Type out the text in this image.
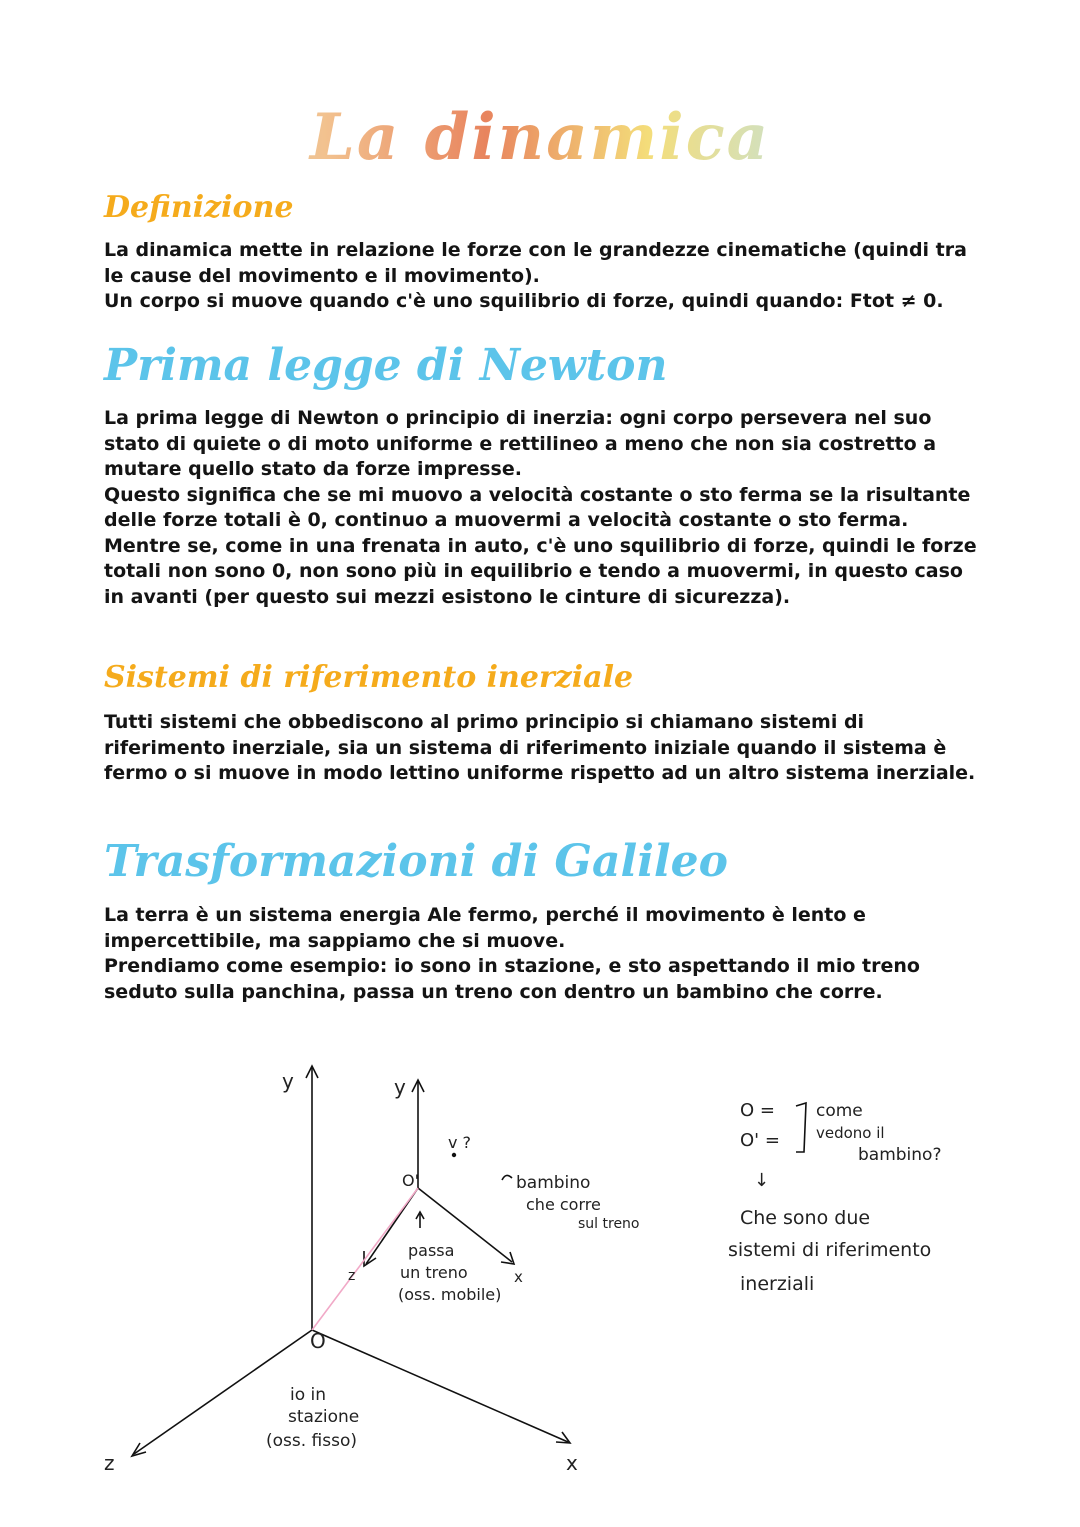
La dinamica
Definizione

La dinamica mette in relazione le forze con le grandezze cinematiche (quindi tra le cause del movimento e il movimento).

Un corpo si muove quando c'è uno squilibrio di forze, quindi quando: Ftot ≠ 0.

Prima legge di Newton

La prima legge di Newton o principio di inerzia: ogni corpo persevera nel suo stato di quiete o di moto uniforme e rettilineo a meno che non sia costretto a mutare quello stato da forze impresse.

Questo significa che se mi muovo a velocità costante o sto ferma se la risultante delle forze totali è 0, continuo a muovermi a velocità costante o sto ferma.

Mentre se, come in una frenata in auto, c'è uno squilibrio di forze, quindi le forze totali non sono 0, non sono più in equilibrio e tendo a muovermi, in questo caso in avanti (per questo sui mezzi esistono le cinture di sicurezza).

Sistemi di riferimento inerziale

Tutti sistemi che obbediscono al primo principio si chiamano sistemi di riferimento inerziale, sia un sistema di riferimento iniziale quando il sistema è fermo o si muove in modo lettino uniforme rispetto ad un altro sistema inerziale.

Trasformazioni di Galileo

La terra è un sistema energia Ale fermo, perché il movimento è lento e impercettibile, ma sappiamo che si muove.

Prendiamo come esempio: io sono in stazione, e sto aspettando il mio treno seduto sulla panchina, passa un treno con dentro un bambino che corre.

y
x
z
O
io in
stazione
(oss. fisso)
y
x
z
O'
v ?
bambino
che corre
sul treno
passa
un treno
(oss. mobile)
O =
O' =
come
vedono il
bambino?
↓
Che sono due
sistemi di riferimento
inerziali
